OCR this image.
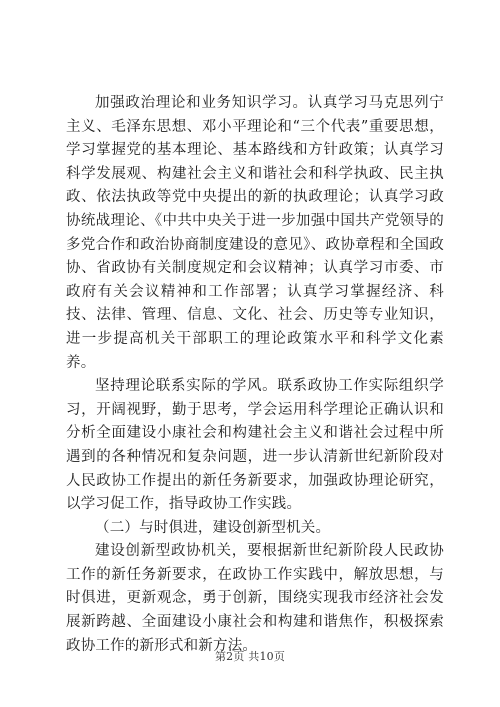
加强政治理论和业务知识学习。认真学习马克思列宁主义、毛泽东思想、邓小平理论和“三个代表”重要思想，学习掌握党的基本理论、基本路线和方针政策；认真学习科学发展观、构建社会主义和谐社会和科学执政、民主执政、依法执政等党中央提出的新的执政理论；认真学习政协统战理论、《中共中央关于进一步加强中国共产党领导的多党合作和政治协商制度建设的意见》、政协章程和全国政协、省政协有关制度规定和会议精神；认真学习市委、市政府有关会议精神和工作部署；认真学习掌握经济、科技、法律、管理、信息、文化、社会、历史等专业知识，进一步提高机关干部职工的理论政策水平和科学文化素养。

坚持理论联系实际的学风。联系政协工作实际组织学习，开阔视野，勤于思考，学会运用科学理论正确认识和分析全面建设小康社会和构建社会主义和谐社会过程中所遇到的各种情况和复杂问题，进一步认清新世纪新阶段对人民政协工作提出的新任务新要求，加强政协理论研究，以学习促工作，指导政协工作实践。

（二）与时俱进，建设创新型机关。

建设创新型政协机关，要根据新世纪新阶段人民政协工作的新任务新要求，在政协工作实践中，解放思想，与时俱进，更新观念，勇于创新，围绕实现我市经济社会发展新跨越、全面建设小康社会和构建和谐焦作，积极探索政协工作的新形式和新方法。

第2页 共10页
